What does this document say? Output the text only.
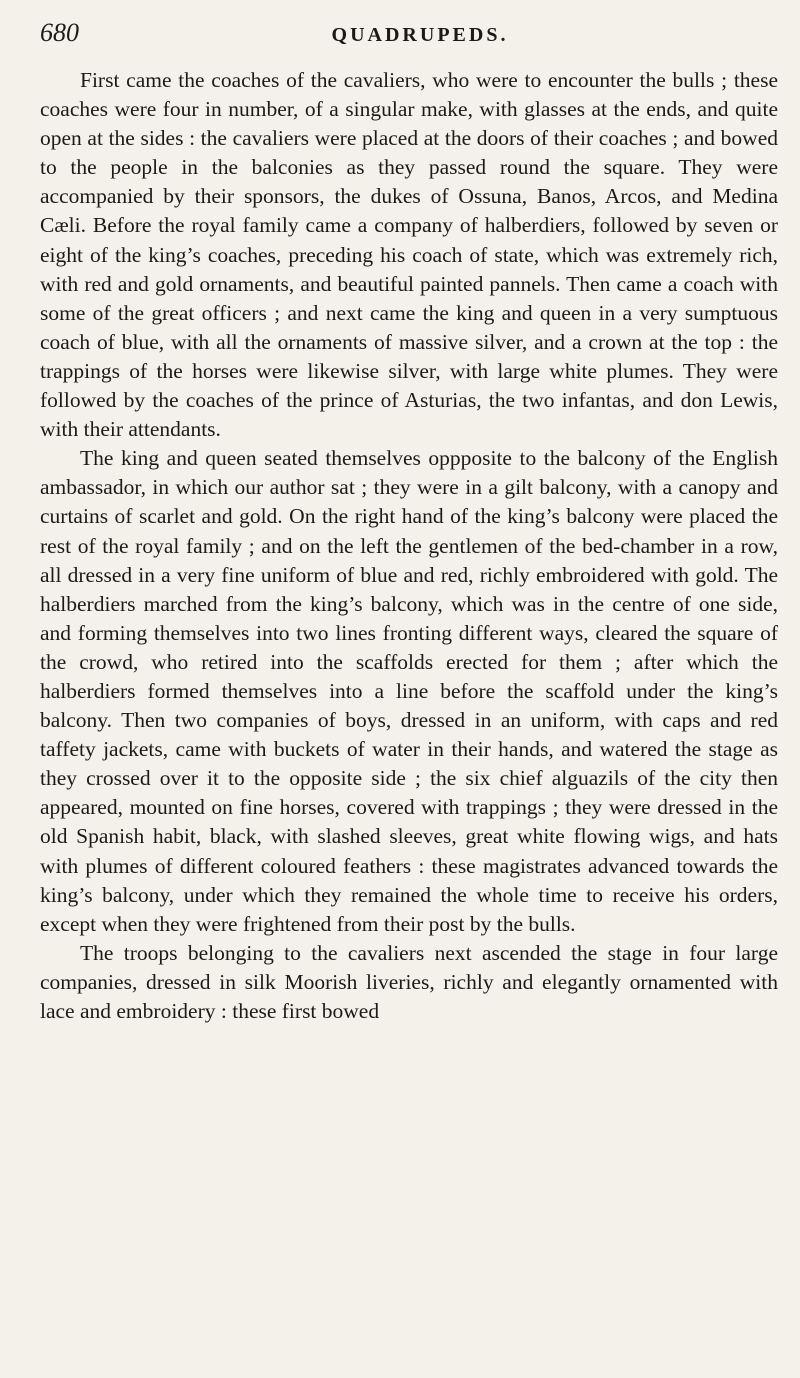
680	QUADRUPEDS.

First came the coaches of the cavaliers, who were to encounter the bulls ; these coaches were four in number, of a singular make, with glasses at the ends, and quite open at the sides : the cavaliers were placed at the doors of their coaches ; and bowed to the people in the balconies as they passed round the square. They were accompanied by their sponsors, the dukes of Ossuna, Banos, Arcos, and Medina Cæli. Before the royal family came a company of halberdiers, followed by seven or eight of the king’s coaches, preceding his coach of state, which was extremely rich, with red and gold ornaments, and beautiful painted pannels. Then came a coach with some of the great officers ; and next came the king and queen in a very sumptuous coach of blue, with all the ornaments of massive silver, and a crown at the top : the trappings of the horses were likewise silver, with large white plumes. They were followed by the coaches of the prince of Asturias, the two infantas, and don Lewis, with their attendants.

The king and queen seated themselves oppposite to the balcony of the English ambassador, in which our author sat ; they were in a gilt balcony, with a canopy and curtains of scarlet and gold. On the right hand of the king’s balcony were placed the rest of the royal family ; and on the left the gentlemen of the bed-chamber in a row, all dressed in a very fine uniform of blue and red, richly embroidered with gold. The halberdiers marched from the king’s balcony, which was in the centre of one side, and forming themselves into two lines fronting different ways, cleared the square of the crowd, who retired into the scaffolds erected for them ; after which the halberdiers formed themselves into a line before the scaffold under the king’s balcony. Then two companies of boys, dressed in an uniform, with caps and red taffety jackets, came with buckets of water in their hands, and watered the stage as they crossed over it to the opposite side ; the six chief alguazils of the city then appeared, mounted on fine horses, covered with trappings ; they were dressed in the old Spanish habit, black, with slashed sleeves, great white flowing wigs, and hats with plumes of different coloured feathers : these magistrates advanced towards the king’s balcony, under which they remained the whole time to receive his orders, except when they were frightened from their post by the bulls.

The troops belonging to the cavaliers next ascended the stage in four large companies, dressed in silk Moorish liveries, richly and elegantly ornamented with lace and embroidery : these first bowed
